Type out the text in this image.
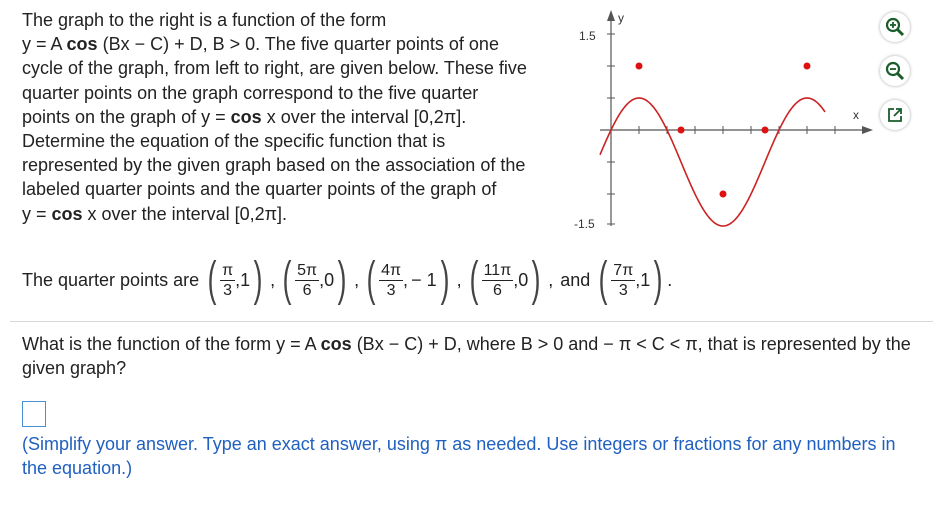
The graph to the right is a function of the form
y = A cos (Bx − C) + D, B > 0. The five quarter points of one
cycle of the graph, from left to right, are given below. These five
quarter points on the graph correspond to the five quarter
points on the graph of y = cos x over the interval [0,2π].
Determine the equation of the specific function that is
represented by the given graph based on the association of the
labeled quarter points and the quarter points of the graph of
y = cos x over the interval [0,2π].
y
x
1.5
-1.5
The quarter points are ( $\frac{\pi}{3}$ , 1 ) , ( $\frac{5\pi}{6}$ , 0 ) , ( $\frac{4\pi}{3}$ , − 1 ) , ( $\frac{11\pi}{6}$ , 0 ) , and ( $\frac{7\pi}{3}$ , 1 ) .
What is the function of the form y = A cos (Bx − C) + D, where B > 0 and − π < C < π, that is represented by the given graph?
(Simplify your answer. Type an exact answer, using π as needed. Use integers or fractions for any numbers in the equation.)
